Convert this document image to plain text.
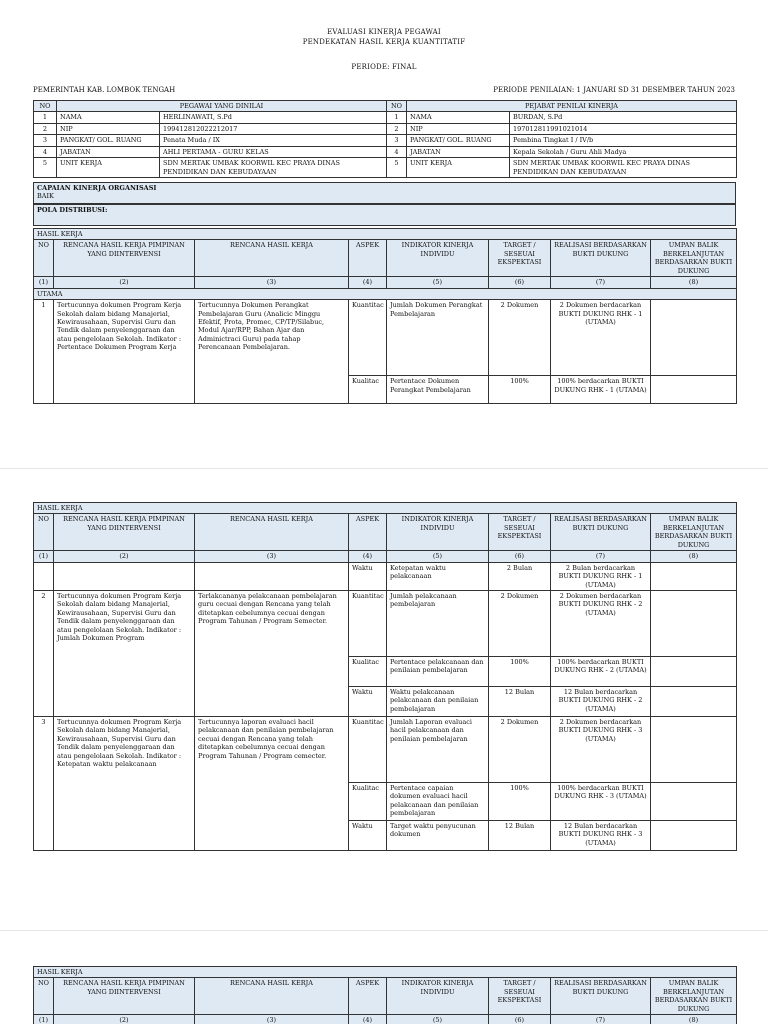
EVALUASI KINERJA PEGAWAI
PENDEKATAN HASIL KERJA KUANTITATIF
PERIODE: FINAL
PEMERINTAH KAB. LOMBOK TENGAH	PERIODE PENILAIAN: 1 JANUARI SD 31 DESEMBER TAHUN 2023
NO	PEGAWAI YANG DINILAI		NO	PEJABAT PENILAI KINERJA	
1	NAMA	HERLINAWATI, S.Pd	1	NAMA	BURDAN, S.Pd
2	NIP	199412812022212017	2	NIP	197012811991021014
3	PANGKAT/ GOL. RUANG	Penata Muda / IX	3	PANGKAT/ GOL. RUANG	Pembina Tingkat I / IV/b
4	JABATAN	AHLI PERTAMA - GURU KELAS	4	JABATAN	Kepala Sekolah / Guru Ahli Madya
5	UNIT KERJA	SDN MERTAK UMBAK KOORWIL KEC PRAYA DINAS PENDIDIKAN DAN KEBUDAYAAN	5	UNIT KERJA	SDN MERTAK UMBAK KOORWIL KEC PRAYA DINAS PENDIDIKAN DAN KEBUDAYAAN
CAPAIAN KINERJA ORGANISASI
BAIK
POLA DISTRIBUSI:
HASIL KERJA							
NO	RENCANA HASIL KERJA PIMPINAN YANG DIINTERVENSI	RENCANA HASIL KERJA	ASPEK	INDIKATOR KINERJA INDIVIDU	TARGET / SESEUAI EKSPEKTASI	REALISASI BERDASARKAN BUKTI DUKUNG	UMPAN BALIK BERKELANJUTAN BERDASARKAN BUKTI DUKUNG
(1)	(2)	(3)	(4)	(5)	(6)	(7)	(8)
UTAMA							
1	Tertucunnya dokumen Program Kerja Sekolah dalam bidang Manajerial, Kewirausahaan, Supervisi Guru dan Tendik dalam penyelenggaraan dan atau pengelolaan Sekolah. Indikator : Pertentace Dokumen Program Kerja	Tertucunnya Dokumen Perangkat Pembelajaran Guru (Analicic Minggu Efektif, Prota, Promec, CP/TP/Silabuc, Modul Ajar/RPP, Bahan Ajar dan Adminictraci Guru) pada tahap Perencanaan Pembelajaran.	Kuantitac	Jumlah Dokumen Perangkat Pembelajaran	2 Dokumen	2 Dokumen berdacarkan BUKTI DUKUNG RHK - 1 (UTAMA)	
			Kualitac	Pertentace Dokumen Perangkat Pembelajaran	100%	100% berdacarkan BUKTI DUKUNG RHK - 1 (UTAMA)	
HASIL KERJA							
NO	RENCANA HASIL KERJA PIMPINAN YANG DIINTERVENSI	RENCANA HASIL KERJA	ASPEK	INDIKATOR KINERJA INDIVIDU	TARGET / SESEUAI EKSPEKTASI	REALISASI BERDASARKAN BUKTI DUKUNG	UMPAN BALIK BERKELANJUTAN BERDASARKAN BUKTI DUKUNG
(1)	(2)	(3)	(4)	(5)	(6)	(7)	(8)
			Waktu	Ketepatan waktu pelakcanaan	2 Bulan	2 Bulan berdacarkan BUKTI DUKUNG RHK - 1 (UTAMA)	
2	Tertucunnya dokumen Program Kerja Sekolah dalam bidang Manajerial, Kewirausahaan, Supervisi Guru dan Tendik dalam penyelenggaraan dan atau pengelolaan Sekolah. Indikator : Jumlah Dokumen Program	Terlakcananya pelakcanaan pembelajaran guru cecuai dengan Rencana yang telah ditetapkan cebelumnya cecuai dengan Program Tahunan / Program Semecter.	Kuantitac	Jumlah pelakcanaan pembelajaran	2 Dokumen	2 Dokumen berdacarkan BUKTI DUKUNG RHK - 2 (UTAMA)	
			Kualitac	Pertentace pelakcanaan dan penilaian pembelajaran	100%	100% berdacarkan BUKTI DUKUNG RHK - 2 (UTAMA)	
			Waktu	Waktu pelakcanaan pelakcanaan dan penilaian pembelajaran	12 Bulan	12 Bulan berdacarkan BUKTI DUKUNG RHK - 2 (UTAMA)	
3	Tertucunnya dokumen Program Kerja Sekolah dalam bidang Manajerial, Kewirausahaan, Supervisi Guru dan Tendik dalam penyelenggaraan dan atau pengelolaan Sekolah. Indikator : Ketepatan waktu pelakcanaan	Tertucunnya laporan evaluaci hacil pelakcanaan dan penilaian pembelajaran cecuai dengan Rencana yang telah ditetapkan cebelumnya cecuai dengan Program Tahunan / Program cemecter.	Kuantitac	Jumlah Laporan evaluaci hacil pelakcanaan dan penilaian pembelajaran	2 Dokumen	2 Dokumen berdacarkan BUKTI DUKUNG RHK - 3 (UTAMA)	
			Kualitac	Pertentace capaian dokumen evaluaci hacil pelakcanaan dan penilaian pembelajaran	100%	100% berdacarkan BUKTI DUKUNG RHK - 3 (UTAMA)	
			Waktu	Target waktu penyucunan dokumen	12 Bulan	12 Bulan berdacarkan BUKTI DUKUNG RHK - 3 (UTAMA)	
HASIL KERJA							
NO	RENCANA HASIL KERJA PIMPINAN YANG DIINTERVENSI	RENCANA HASIL KERJA	ASPEK	INDIKATOR KINERJA INDIVIDU	TARGET / SESEUAI EKSPEKTASI	REALISASI BERDASARKAN BUKTI DUKUNG	UMPAN BALIK BERKELANJUTAN BERDASARKAN BUKTI DUKUNG
(1)	(2)	(3)	(4)	(5)	(6)	(7)	(8)
